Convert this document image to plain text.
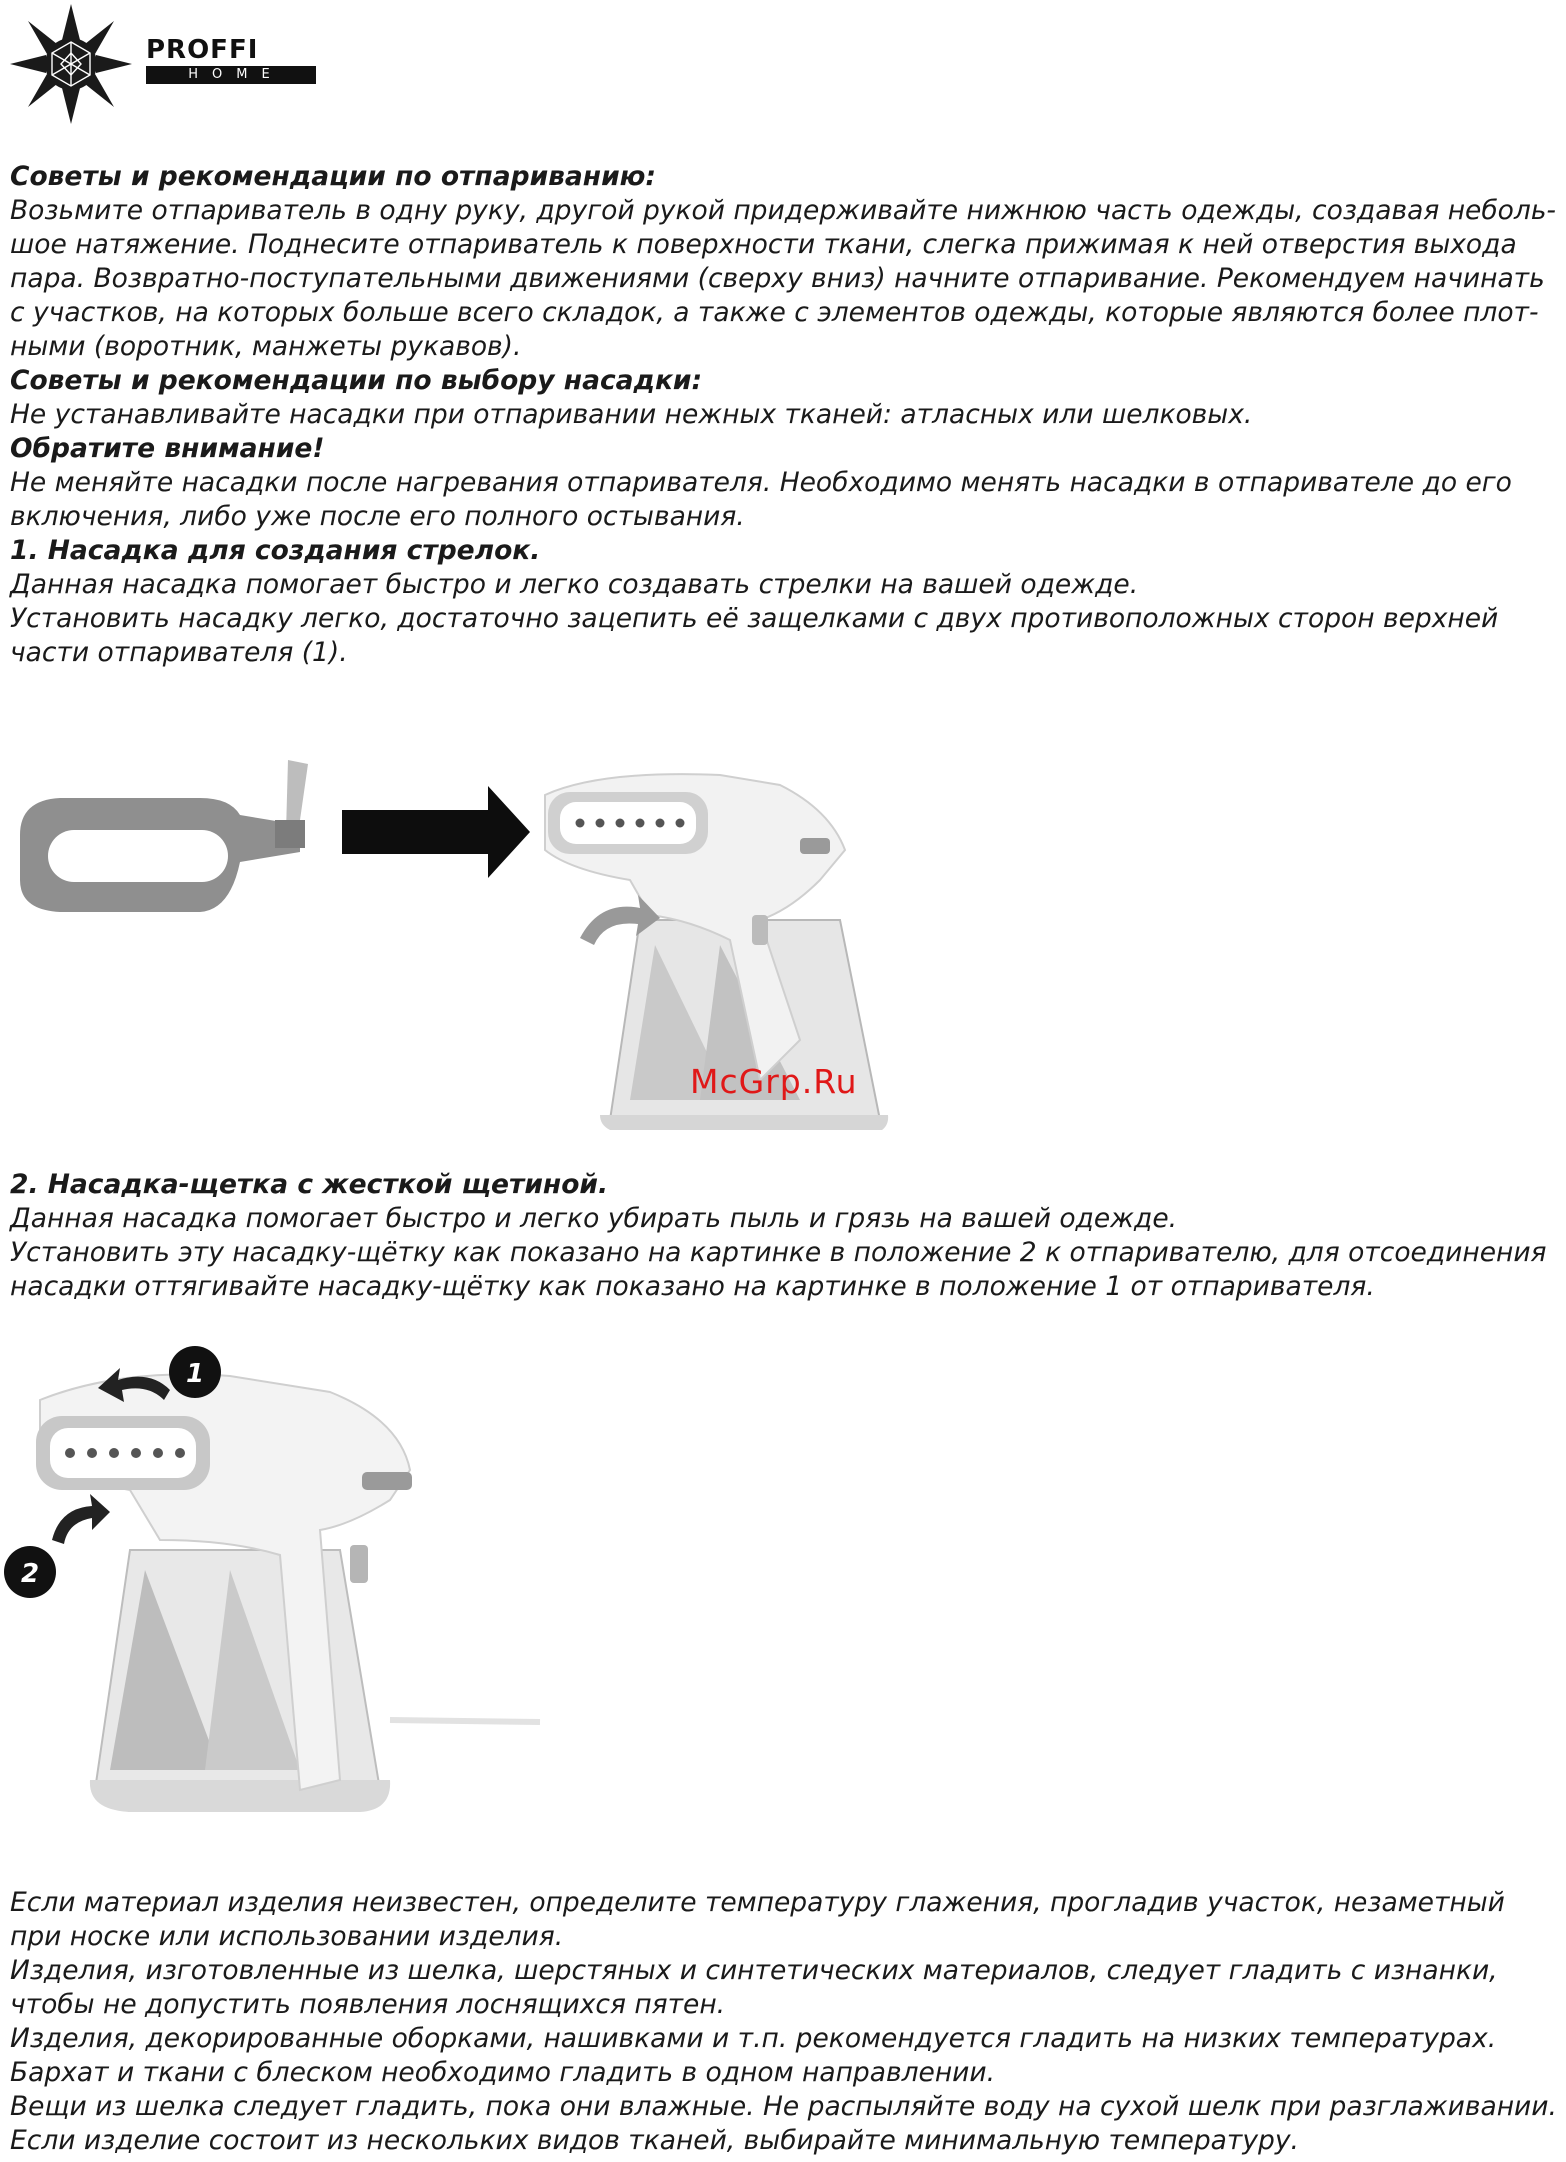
PROFFI
HOME

Советы и рекомендации по отпариванию:

Возьмите отпариватель в одну руку, другой рукой придерживайте нижнюю часть одежды, создавая неболь-

шое натяжение. Поднесите отпариватель к поверхности ткани, слегка прижимая к ней отверстия выхода

пара. Возвратно-поступательными движениями (сверху вниз) начните отпаривание. Рекомендуем начинать

с участков, на которых больше всего складок, а также с элементов одежды, которые являются более плот-

ными (воротник, манжеты рукавов).

Советы и рекомендации по выбору насадки:

Не устанавливайте насадки при отпаривании нежных тканей: атласных или шелковых.

Обратите внимание!

Не меняйте насадки после нагревания отпаривателя. Необходимо менять насадки в отпаривателе до его

включения, либо уже после его полного остывания.

1. Насадка для создания стрелок.

Данная насадка помогает быстро и легко создавать стрелки на вашей одежде.

Установить насадку легко, достаточно зацепить её защелками с двух противоположных сторон верхней

части отпаривателя (1).

McGrp.Ru

2. Насадка-щетка с жесткой щетиной.

Данная насадка помогает быстро и легко убирать пыль и грязь на вашей одежде.

Установить эту насадку-щётку как показано на картинке в положение 2 к отпаривателю, для отсоединения

насадки оттягивайте насадку-щётку как показано на картинке в положение 1 от отпаривателя.

1
2

Если материал изделия неизвестен, определите температуру глажения, прогладив участок, незаметный

при носке или использовании изделия.

Изделия, изготовленные из шелка, шерстяных и синтетических материалов, следует гладить с изнанки,

чтобы не допустить появления лоснящихся пятен.

Изделия, декорированные оборками, нашивками и т.п. рекомендуется гладить на низких температурах.

Бархат и ткани с блеском необходимо гладить в одном направлении.

Вещи из шелка следует гладить, пока они влажные. Не распыляйте воду на сухой шелк при разглаживании.

Если изделие состоит из нескольких видов тканей, выбирайте минимальную температуру.
